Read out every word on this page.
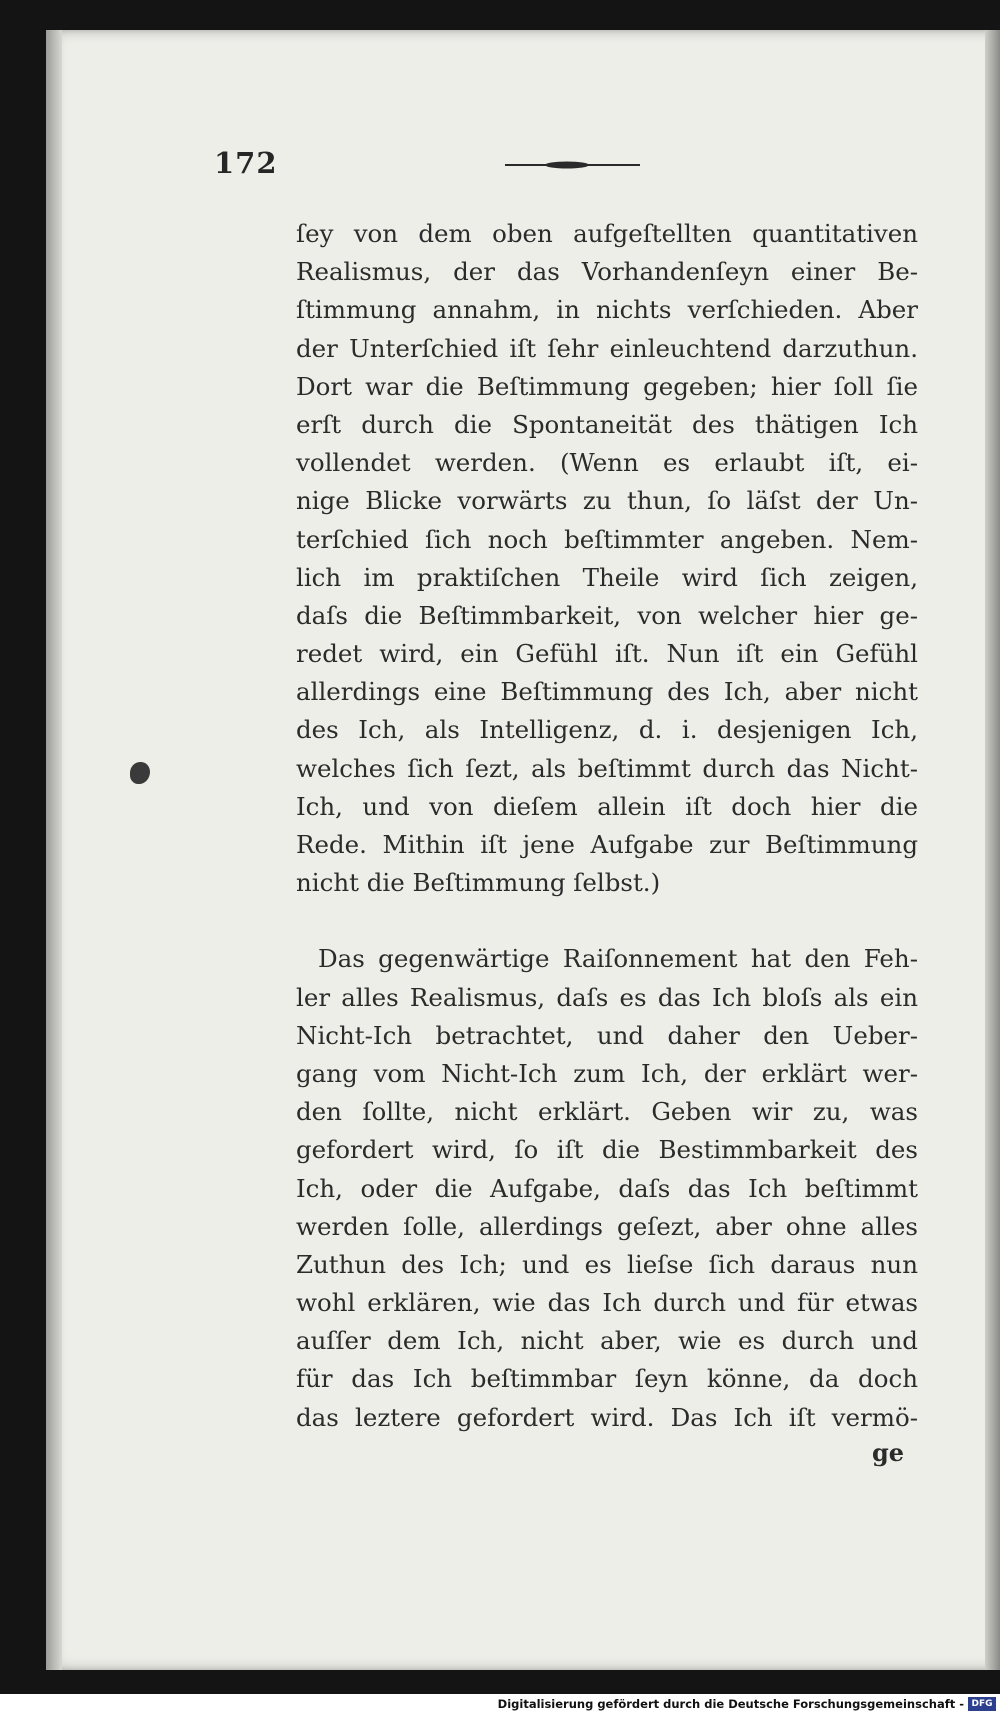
172
ſey von dem oben aufgeſtellten quantitativen
Realismus, der das Vorhandenſeyn einer Be-
ſtimmung annahm, in nichts verſchieden. Aber
der Unterſchied iſt ſehr einleuchtend darzuthun.
Dort war die Beſtimmung gegeben; hier ſoll ſie
erſt durch die Spontaneität des thätigen Ich
vollendet werden. (Wenn es erlaubt iſt, ei-
nige Blicke vorwärts zu thun, ſo läſst der Un-
terſchied ſich noch beſtimmter angeben. Nem-
lich im praktiſchen Theile wird ſich zeigen,
daſs die Beſtimmbarkeit, von welcher hier ge-
redet wird, ein Gefühl iſt. Nun iſt ein Gefühl
allerdings eine Beſtimmung des Ich, aber nicht
des Ich, als Intelligenz, d. i. desjenigen Ich,
welches ſich ſezt, als beſtimmt durch das Nicht-
Ich, und von dieſem allein iſt doch hier die
Rede. Mithin iſt jene Aufgabe zur Beſtimmung
nicht die Beſtimmung ſelbst.)
Das gegenwärtige Raiſonnement hat den Feh-
ler alles Realismus, daſs es das Ich bloſs als ein
Nicht-Ich betrachtet, und daher den Ueber-
gang vom Nicht-Ich zum Ich, der erklärt wer-
den ſollte, nicht erklärt. Geben wir zu, was
gefordert wird, ſo iſt die Bestimmbarkeit des
Ich, oder die Aufgabe, daſs das Ich beſtimmt
werden ſolle, allerdings geſezt, aber ohne alles
Zuthun des Ich; und es lieſse ſich daraus nun
wohl erklären, wie das Ich durch und für etwas
auſſer dem Ich, nicht aber, wie es durch und
für das Ich beſtimmbar ſeyn könne, da doch
das leztere gefordert wird. Das Ich iſt vermö-
ge
Digitalisierung gefördert durch die Deutsche Forschungsgemeinschaft - DFG
